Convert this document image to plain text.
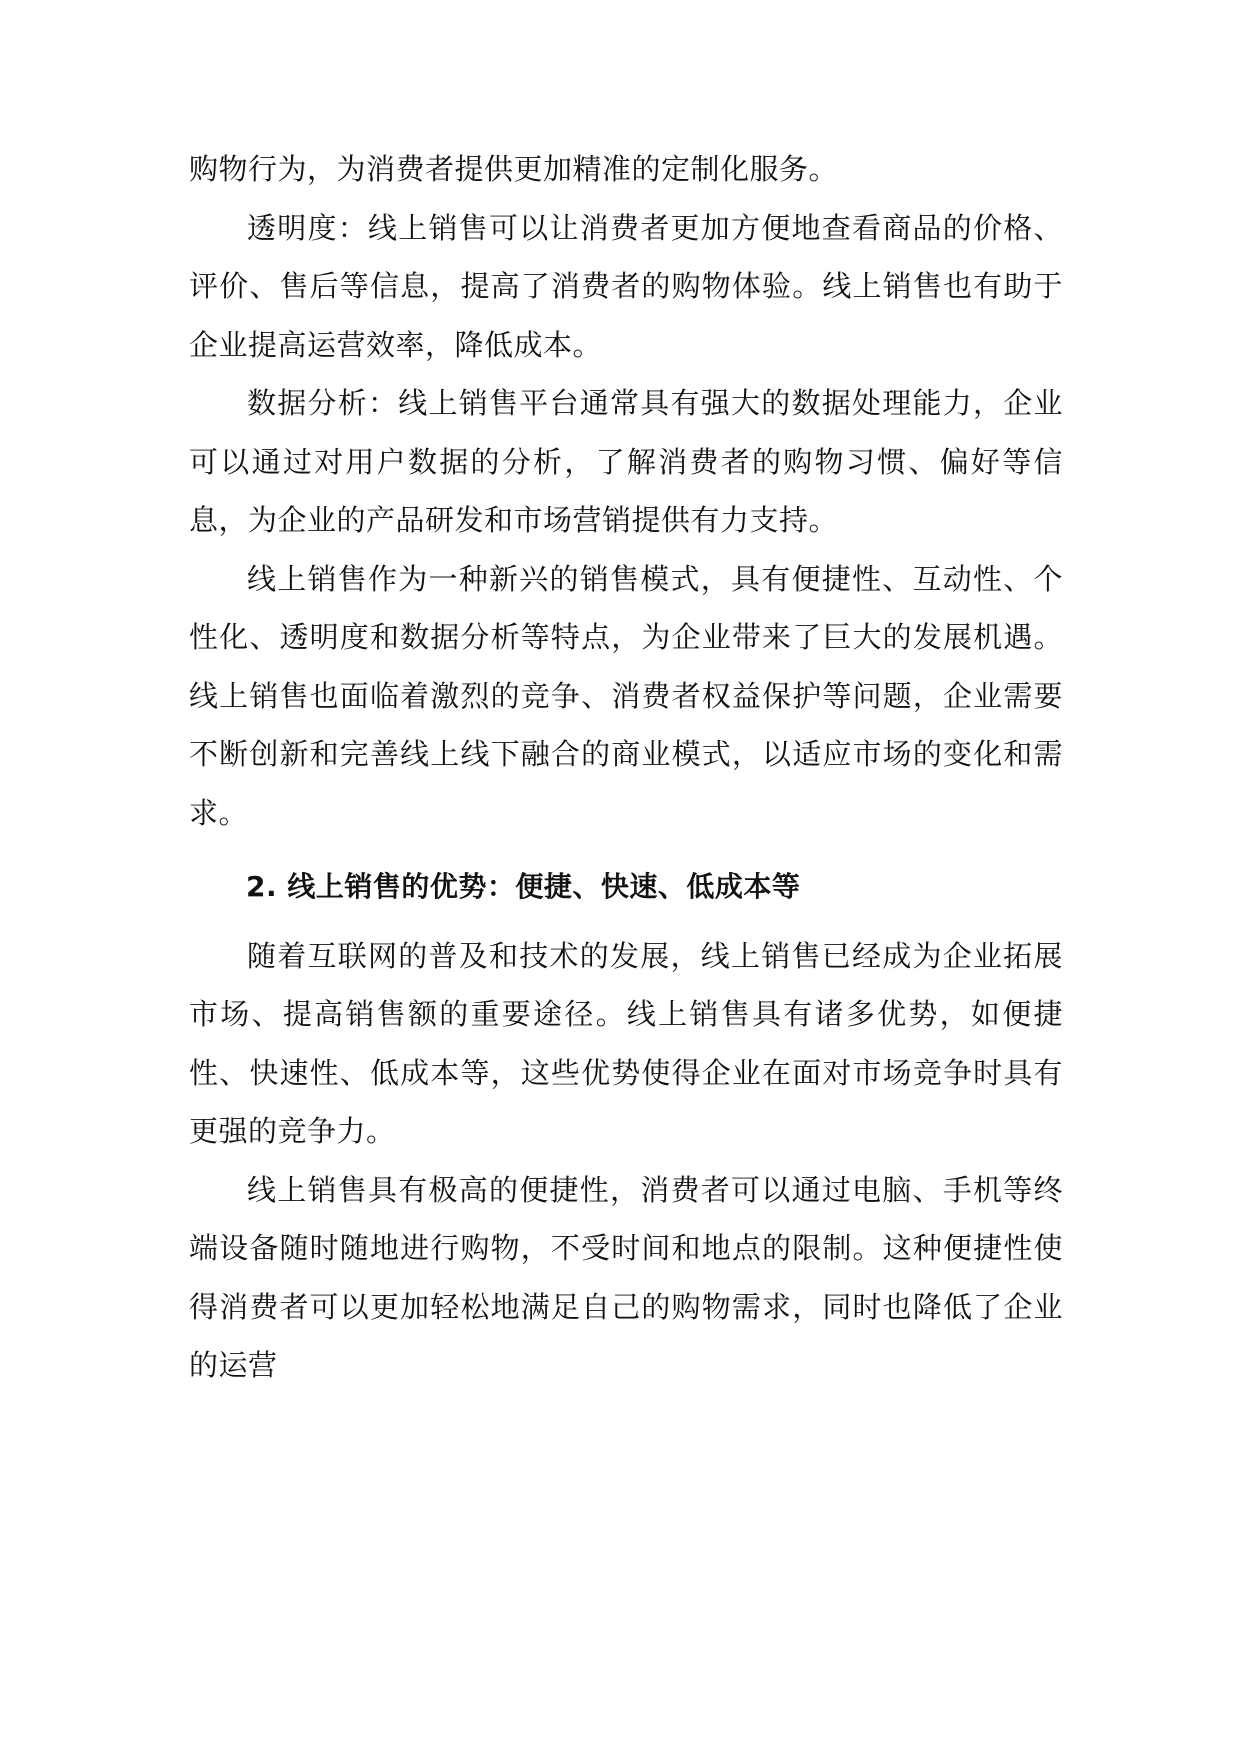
购物行为，为消费者提供更加精准的定制化服务。

透明度：线上销售可以让消费者更加方便地查看商品的价格、评价、售后等信息，提高了消费者的购物体验。线上销售也有助于企业提高运营效率，降低成本。

数据分析：线上销售平台通常具有强大的数据处理能力，企业可以通过对用户数据的分析，了解消费者的购物习惯、偏好等信息，为企业的产品研发和市场营销提供有力支持。

线上销售作为一种新兴的销售模式，具有便捷性、互动性、个性化、透明度和数据分析等特点，为企业带来了巨大的发展机遇。线上销售也面临着激烈的竞争、消费者权益保护等问题，企业需要不断创新和完善线上线下融合的商业模式，以适应市场的变化和需求。

2. 线上销售的优势：便捷、快速、低成本等

随着互联网的普及和技术的发展，线上销售已经成为企业拓展市场、提高销售额的重要途径。线上销售具有诸多优势，如便捷性、快速性、低成本等，这些优势使得企业在面对市场竞争时具有更强的竞争力。

线上销售具有极高的便捷性，消费者可以通过电脑、手机等终端设备随时随地进行购物，不受时间和地点的限制。这种便捷性使得消费者可以更加轻松地满足自己的购物需求，同时也降低了企业的运营
